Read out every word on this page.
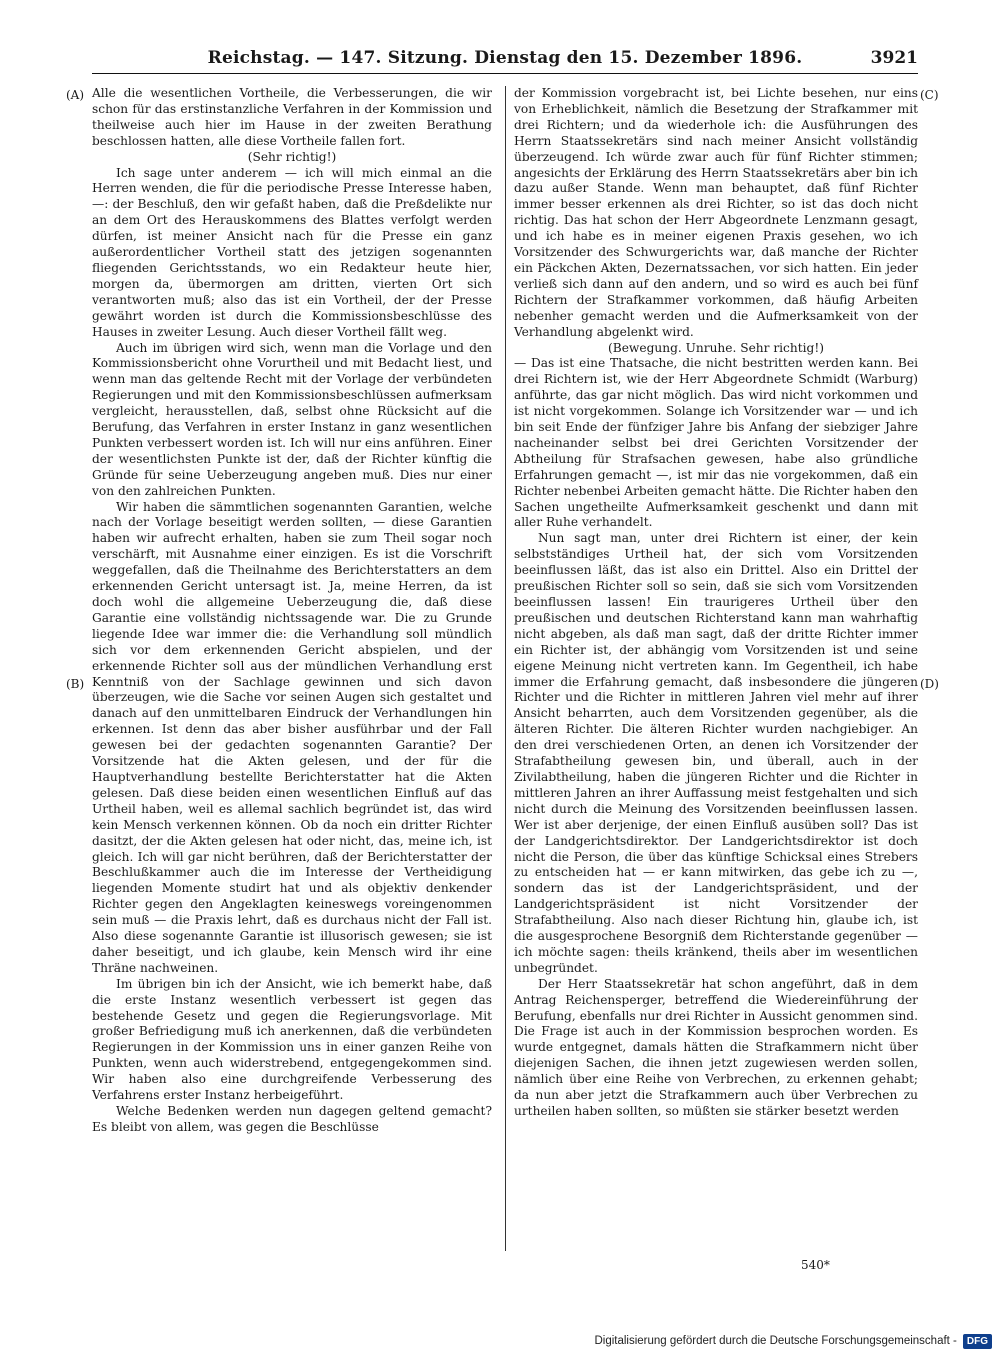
Reichstag. — 147. Sitzung. Dienstag den 15. Dezember 1896.	3921
(A)
(B)
(C)
(D)

Alle die wesentlichen Vortheile, die Verbesserungen, die wir schon für das erstinstanzliche Verfahren in der Kommission und theilweise auch hier im Hause in der zweiten Berathung beschlossen hatten, alle diese Vortheile fallen fort.

(Sehr richtig!)

Ich sage unter anderem — ich will mich einmal an die Herren wenden, die für die periodische Presse Interesse haben, —: der Beschluß, den wir gefaßt haben, daß die Preßdelikte nur an dem Ort des Herauskommens des Blattes verfolgt werden dürfen, ist meiner Ansicht nach für die Presse ein ganz außerordentlicher Vortheil statt des jetzigen sogenannten fliegenden Gerichtsstands, wo ein Redakteur heute hier, morgen da, übermorgen am dritten, vierten Ort sich verantworten muß; also das ist ein Vortheil, der der Presse gewährt worden ist durch die Kommissionsbeschlüsse des Hauses in zweiter Lesung. Auch dieser Vortheil fällt weg.

Auch im übrigen wird sich, wenn man die Vorlage und den Kommissionsbericht ohne Vorurtheil und mit Bedacht liest, und wenn man das geltende Recht mit der Vorlage der verbündeten Regierungen und mit den Kommissionsbeschlüssen aufmerksam vergleicht, herausstellen, daß, selbst ohne Rücksicht auf die Berufung, das Verfahren in erster Instanz in ganz wesentlichen Punkten verbessert worden ist. Ich will nur eins anführen. Einer der wesentlichsten Punkte ist der, daß der Richter künftig die Gründe für seine Ueberzeugung angeben muß. Dies nur einer von den zahlreichen Punkten.

Wir haben die sämmtlichen sogenannten Garantien, welche nach der Vorlage beseitigt werden sollten, — diese Garantien haben wir aufrecht erhalten, haben sie zum Theil sogar noch verschärft, mit Ausnahme einer einzigen. Es ist die Vorschrift weggefallen, daß die Theilnahme des Berichterstatters an dem erkennenden Gericht untersagt ist. Ja, meine Herren, da ist doch wohl die allgemeine Ueberzeugung die, daß diese Garantie eine vollständig nichtssagende war. Die zu Grunde liegende Idee war immer die: die Verhandlung soll mündlich sich vor dem erkennenden Gericht abspielen, und der erkennende Richter soll aus der mündlichen Verhandlung erst Kenntniß von der Sachlage gewinnen und sich davon überzeugen, wie die Sache vor seinen Augen sich gestaltet und danach auf den unmittelbaren Eindruck der Verhandlungen hin erkennen. Ist denn das aber bisher ausführbar und der Fall gewesen bei der gedachten sogenannten Garantie? Der Vorsitzende hat die Akten gelesen, und der für die Hauptverhandlung bestellte Berichterstatter hat die Akten gelesen. Daß diese beiden einen wesentlichen Einfluß auf das Urtheil haben, weil es allemal sachlich begründet ist, das wird kein Mensch verkennen können. Ob da noch ein dritter Richter dasitzt, der die Akten gelesen hat oder nicht, das, meine ich, ist gleich. Ich will gar nicht berühren, daß der Berichterstatter der Beschlußkammer auch die im Interesse der Vertheidigung liegenden Momente studirt hat und als objektiv denkender Richter gegen den Angeklagten keineswegs voreingenommen sein muß — die Praxis lehrt, daß es durchaus nicht der Fall ist. Also diese sogenannte Garantie ist illusorisch gewesen; sie ist daher beseitigt, und ich glaube, kein Mensch wird ihr eine Thräne nachweinen.

Im übrigen bin ich der Ansicht, wie ich bemerkt habe, daß die erste Instanz wesentlich verbessert ist gegen das bestehende Gesetz und gegen die Regierungsvorlage. Mit großer Befriedigung muß ich anerkennen, daß die verbündeten Regierungen in der Kommission uns in einer ganzen Reihe von Punkten, wenn auch widerstrebend, entgegengekommen sind. Wir haben also eine durchgreifende Verbesserung des Verfahrens erster Instanz herbeigeführt.

Welche Bedenken werden nun dagegen geltend gemacht? Es bleibt von allem, was gegen die Beschlüsse

der Kommission vorgebracht ist, bei Lichte besehen, nur eins von Erheblichkeit, nämlich die Besetzung der Strafkammer mit drei Richtern; und da wiederhole ich: die Ausführungen des Herrn Staatssekretärs sind nach meiner Ansicht vollständig überzeugend. Ich würde zwar auch für fünf Richter stimmen; angesichts der Erklärung des Herrn Staatssekretärs aber bin ich dazu außer Stande. Wenn man behauptet, daß fünf Richter immer besser erkennen als drei Richter, so ist das doch nicht richtig. Das hat schon der Herr Abgeordnete Lenzmann gesagt, und ich habe es in meiner eigenen Praxis gesehen, wo ich Vorsitzender des Schwurgerichts war, daß manche der Richter ein Päckchen Akten, Dezernatssachen, vor sich hatten. Ein jeder verließ sich dann auf den andern, und so wird es auch bei fünf Richtern der Strafkammer vorkommen, daß häufig Arbeiten nebenher gemacht werden und die Aufmerksamkeit von der Verhandlung abgelenkt wird.

(Bewegung. Unruhe. Sehr richtig!)

— Das ist eine Thatsache, die nicht bestritten werden kann. Bei drei Richtern ist, wie der Herr Abgeordnete Schmidt (Warburg) anführte, das gar nicht möglich. Das wird nicht vorkommen und ist nicht vorgekommen. Solange ich Vorsitzender war — und ich bin seit Ende der fünfziger Jahre bis Anfang der siebziger Jahre nacheinander selbst bei drei Gerichten Vorsitzender der Abtheilung für Strafsachen gewesen, habe also gründliche Erfahrungen gemacht —, ist mir das nie vorgekommen, daß ein Richter nebenbei Arbeiten gemacht hätte. Die Richter haben den Sachen ungetheilte Aufmerksamkeit geschenkt und dann mit aller Ruhe verhandelt.

Nun sagt man, unter drei Richtern ist einer, der kein selbstständiges Urtheil hat, der sich vom Vorsitzenden beeinflussen läßt, das ist also ein Drittel. Also ein Drittel der preußischen Richter soll so sein, daß sie sich vom Vorsitzenden beeinflussen lassen! Ein traurigeres Urtheil über den preußischen und deutschen Richterstand kann man wahrhaftig nicht abgeben, als daß man sagt, daß der dritte Richter immer ein Richter ist, der abhängig vom Vorsitzenden ist und seine eigene Meinung nicht vertreten kann. Im Gegentheil, ich habe immer die Erfahrung gemacht, daß insbesondere die jüngeren Richter und die Richter in mittleren Jahren viel mehr auf ihrer Ansicht beharrten, auch dem Vorsitzenden gegenüber, als die älteren Richter. Die älteren Richter wurden nachgiebiger. An den drei verschiedenen Orten, an denen ich Vorsitzender der Strafabtheilung gewesen bin, und überall, auch in der Zivilabtheilung, haben die jüngeren Richter und die Richter in mittleren Jahren an ihrer Auffassung meist festgehalten und sich nicht durch die Meinung des Vorsitzenden beeinflussen lassen. Wer ist aber derjenige, der einen Einfluß ausüben soll? Das ist der Landgerichtsdirektor. Der Landgerichtsdirektor ist doch nicht die Person, die über das künftige Schicksal eines Strebers zu entscheiden hat — er kann mitwirken, das gebe ich zu —, sondern das ist der Landgerichtspräsident, und der Landgerichtspräsident ist nicht Vorsitzender der Strafabtheilung. Also nach dieser Richtung hin, glaube ich, ist die ausgesprochene Besorgniß dem Richterstande gegenüber — ich möchte sagen: theils kränkend, theils aber im wesentlichen unbegründet.

Der Herr Staatssekretär hat schon angeführt, daß in dem Antrag Reichensperger, betreffend die Wiedereinführung der Berufung, ebenfalls nur drei Richter in Aussicht genommen sind. Die Frage ist auch in der Kommission besprochen worden. Es wurde entgegnet, damals hätten die Strafkammern nicht über diejenigen Sachen, die ihnen jetzt zugewiesen werden sollen, nämlich über eine Reihe von Verbrechen, zu erkennen gehabt; da nun aber jetzt die Strafkammern auch über Verbrechen zu urtheilen haben sollten, so müßten sie stärker besetzt werden

540*
Digitalisierung gefördert durch die Deutsche Forschungsgemeinschaft -	DFG
